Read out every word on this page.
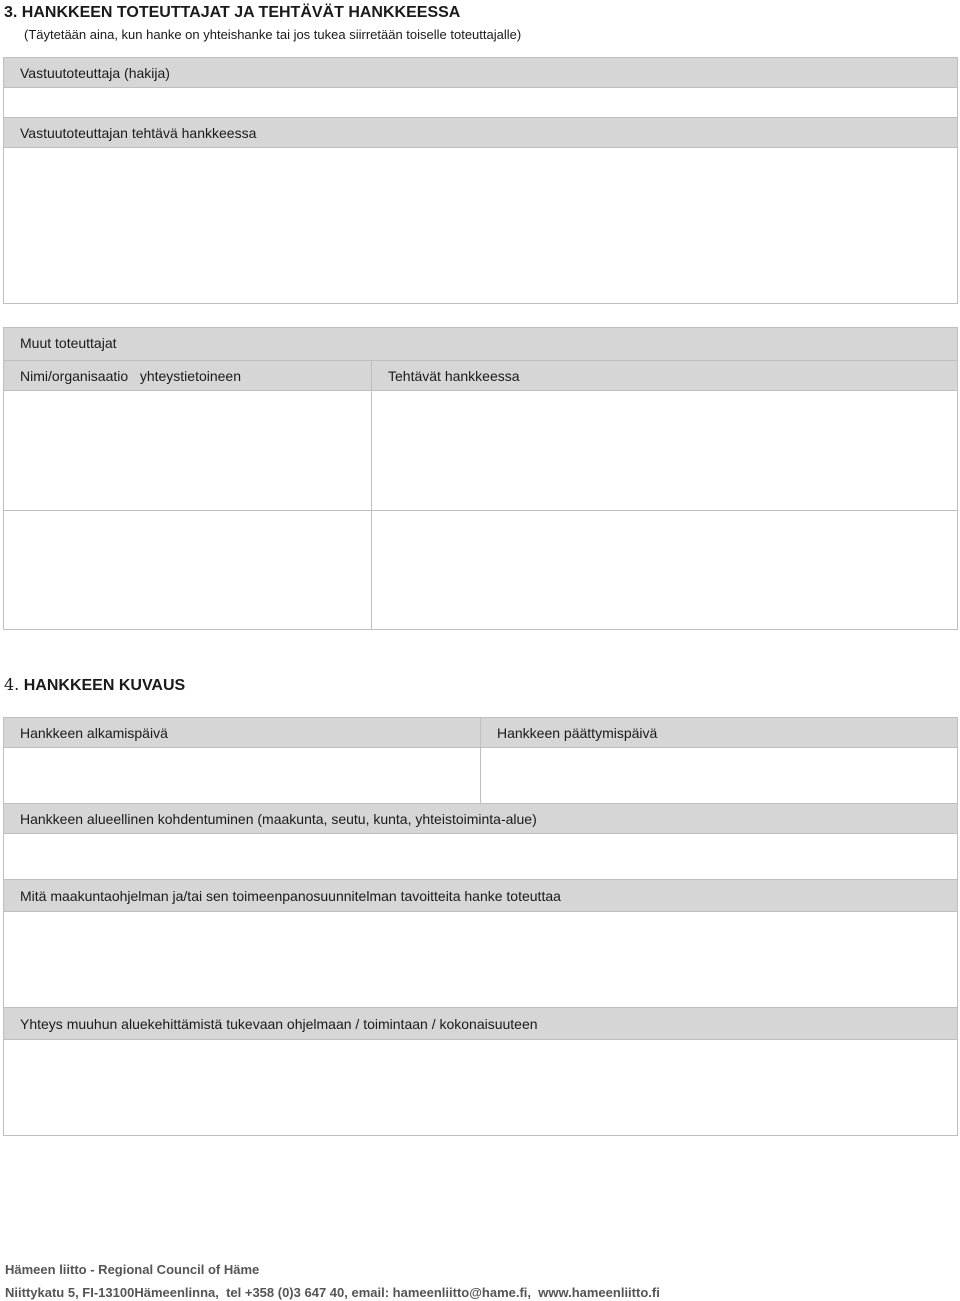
3. HANKKEEN TOTEUTTAJAT JA TEHTÄVÄT HANKKEESSA
(Täytetään aina, kun hanke on yhteishanke tai jos tukea siirretään toiselle toteuttajalle)
Vastuutoteuttaja (hakija)
Vastuutoteuttajan tehtävä hankkeessa
Muut toteuttajat
Nimi/organisaatio   yhteystietoineen	Tehtävät hankkeessa
4. HANKKEEN KUVAUS
Hankkeen alkamispäivä	Hankkeen päättymispäivä
Hankkeen alueellinen kohdentuminen (maakunta, seutu, kunta, yhteistoiminta-alue)
Mitä maakuntaohjelman ja/tai sen toimeenpanosuunnitelman tavoitteita hanke toteuttaa
Yhteys muuhun aluekehittämistä tukevaan ohjelmaan / toimintaan / kokonaisuuteen
Hämeen liitto - Regional Council of Häme
Niittykatu 5, FI-13100Hämeenlinna,  tel +358 (0)3 647 40, email: hameenliitto@hame.fi,  www.hameenliitto.fi
